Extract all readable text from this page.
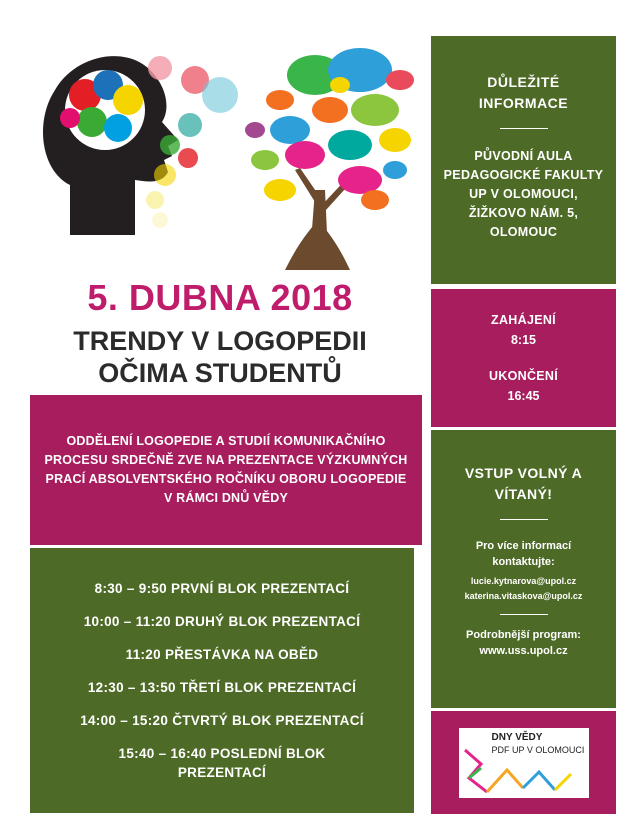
5. DUBNA 2018
TRENDY V LOGOPEDII
OČIMA STUDENTŮ
ODDĚLENÍ LOGOPEDIE A STUDIÍ KOMUNIKAČNÍHO PROCESU SRDEČNĚ ZVE NA PREZENTACE VÝZKUMNÝCH PRACÍ ABSOLVENTSKÉHO ROČNÍKU OBORU LOGOPEDIE V RÁMCI DNŮ VĚDY
8:30 – 9:50 PRVNÍ BLOK PREZENTACÍ
10:00 – 11:20 DRUHÝ BLOK PREZENTACÍ
11:20 PŘESTÁVKA NA OBĚD
12:30 – 13:50 TŘETÍ BLOK PREZENTACÍ
14:00 – 15:20 ČTVRTÝ BLOK PREZENTACÍ
15:40 – 16:40 POSLEDNÍ BLOK PREZENTACÍ
DŮLEŽITÉ INFORMACE
PŮVODNÍ AULA PEDAGOGICKÉ FAKULTY UP V OLOMOUCI, ŽIŽKOVO NÁM. 5, OLOMOUC
ZAHÁJENÍ
8:15
UKONČENÍ
16:45
VSTUP VOLNÝ A VÍTANÝ!
Pro více informací kontaktujte:
lucie.kytnarova@upol.cz
katerina.vitaskova@upol.cz
Podrobnější program:
www.uss.upol.cz
DNY VĚDY
PDF UP V OLOMOUCI
